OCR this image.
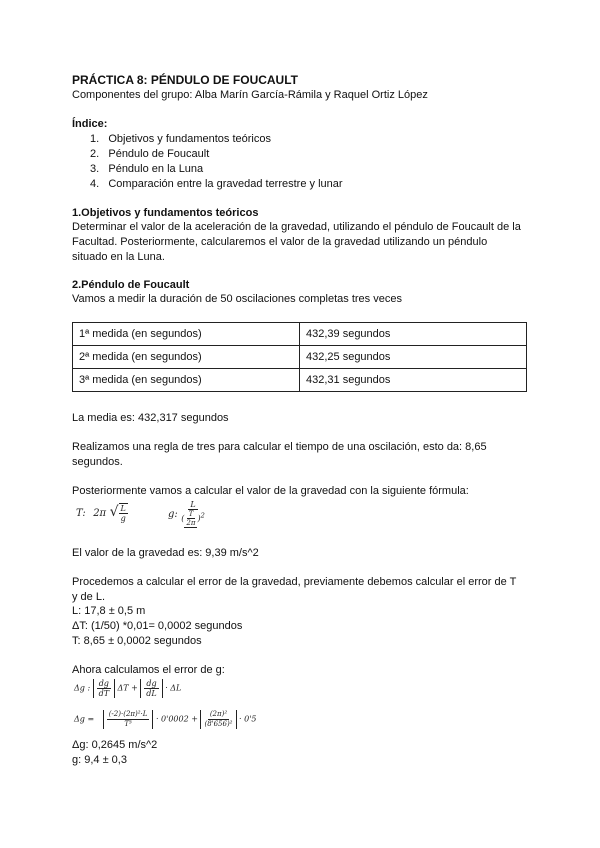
PRÁCTICA 8: PÉNDULO DE FOUCAULT
Componentes del grupo: Alba Marín García-Rámila y Raquel Ortiz López
Índice:
1. Objetivos y fundamentos teóricos
2. Péndulo de Foucault
3. Péndulo en la Luna
4. Comparación entre la gravedad terrestre y lunar
1.Objetivos y fundamentos teóricos
Determinar el valor de la aceleración de la gravedad, utilizando el péndulo de Foucault de la
Facultad. Posteriormente, calcularemos el valor de la gravedad utilizando un péndulo
situado en la Luna.
2.Péndulo de Foucault
Vamos a medir la duración de 50 oscilaciones completas tres veces
1ª medida (en segundos)	432,39 segundos
2ª medida (en segundos)	432,25 segundos
3ª medida (en segundos)	432,31 segundos
La media es: 432,317 segundos
Realizamos una regla de tres para calcular el tiempo de una oscilación, esto da: 8,65
segundos.
Posteriormente vamos a calcular el valor de la gravedad con la siguiente fórmula:
T: 2π √ $\frac{L}{g}$	g: $\frac{L}{( \frac{T}{2\pi} )^2}$
El valor de la gravedad es: 9,39 m/s^2
Procedemos a calcular el error de la gravedad, previamente debemos calcular el error de T
y de L.
L: 17,8 ± 0,5 m
ΔT: (1/50) *0,01= 0,0002 segundos
T: 8,65 ± 0,0002 segundos
Ahora calculamos el error de g:
Δg : $\frac{dg}{dT}$ $\Delta T + \frac{dg}{dL} \cdot \Delta L$
$\Delta g = \frac{\text{(-2)·(2π)²·L}}{\text{T³}} \cdot 0'0002 + \frac{\text{(2π)²}}{\text{(8'656)²}} \cdot 0'5$
Δg: 0,2645 m/s^2
g: 9,4 ± 0,3
